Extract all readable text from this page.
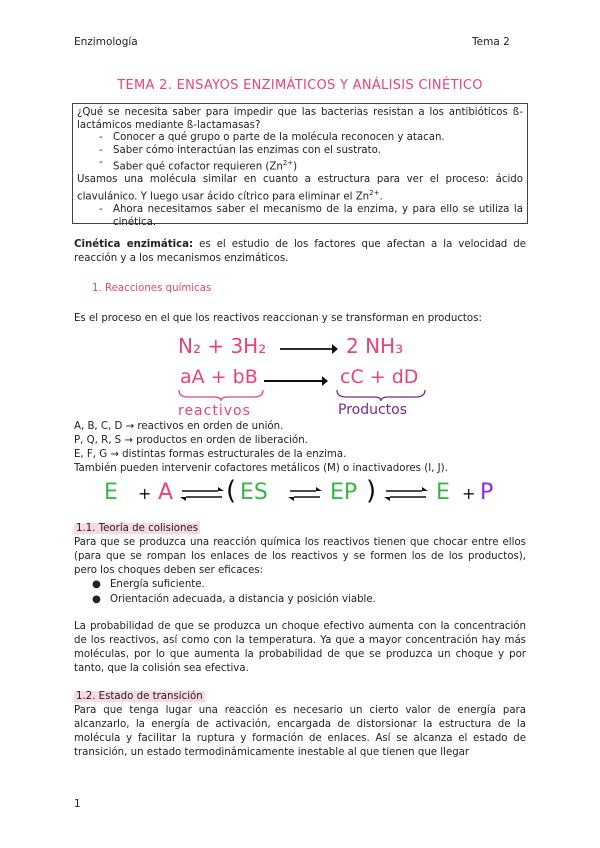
Enzimología	Tema 2
TEMA 2. ENSAYOS ENZIMÁTICOS Y ANÁLISIS CINÉTICO

¿Qué se necesita saber para impedir que las bacterias resistan a los antibióticos ß-lactámicos mediante ß-lactamasas?

- Conocer a qué grupo o parte de la molécula reconocen y atacan.
- Saber cómo interactúan las enzimas con el sustrato.
- Saber qué cofactor requieren $(Zn^{2+})$

Usamos una molécula similar en cuanto a estructura para ver el proceso: ácido clavulánico. Y luego usar ácido cítrico para eliminar el $Zn^{2+}$.

- Ahora necesitamos saber el mecanismo de la enzima, y para ello se utiliza la cinética.
Cinética enzimática: es el estudio de los factores que afectan a la velocidad de reacción y a los mecanismos enzimáticos.
1. Reacciones químicas
Es el proceso en el que los reactivos reaccionan y se transforman en productos:
N₂ + 3H₂	2 NH₃
aA + bB	cC + dD
reactivos	Productos

A, B, C, D → reactivos en orden de unión.

P, Q, R, S → productos en orden de liberación.

E, F, G → distintas formas estructurales de la enzima.

También pueden intervenir cofactores metálicos (M) o inactivadores (I, J).

E + A ( ES ⇌ EP )	E + P
1.1. Teoría de colisiones
Para que se produzca una reacción química los reactivos tienen que chocar entre ellos (para que se rompan los enlaces de los reactivos y se formen los de los productos), pero los choques deben ser eficaces:
● Energía suficiente.
● Orientación adecuada, a distancia y posición viable.
La probabilidad de que se produzca un choque efectivo aumenta con la concentración de los reactivos, así como con la temperatura. Ya que a mayor concentración hay más moléculas, por lo que aumenta la probabilidad de que se produzca un choque y por tanto, que la colisión sea efectiva.
1.2. Estado de transición
Para que tenga lugar una reacción es necesario un cierto valor de energía para alcanzarlo, la energía de activación, encargada de distorsionar la estructura de la molécula y facilitar la ruptura y formación de enlaces. Así se alcanza el estado de transición, un estado termodinámicamente inestable al que tienen que llegar
1
